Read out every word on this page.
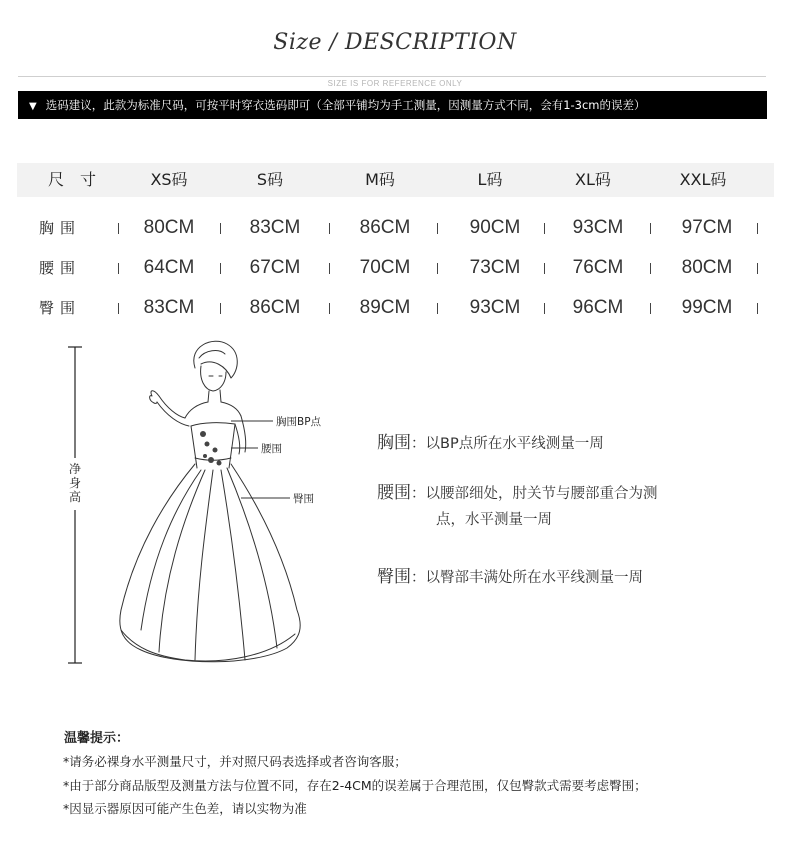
Size / DESCRIPTION
SIZE IS FOR REFERENCE ONLY
▼ 选码建议，此款为标准尺码，可按平时穿衣选码即可（全部平铺均为手工测量，因测量方式不同，会有1-3cm的误差）
尺寸	XS码	S码	M码	L码	XL码	XXL码
胸围	80CM	83CM	86CM	90CM	93CM	97CM
腰围	64CM	67CM	70CM	73CM	76CM	80CM
臀围	83CM	86CM	89CM	93CM	96CM	99CM
净
身
高
胸围BP点
腰围
臀围
胸围：以BP点所在水平线测量一周
腰围：以腰部细处，肘关节与腰部重合为测
点，水平测量一周
臀围：以臀部丰满处所在水平线测量一周
温馨提示：
*请务必裸身水平测量尺寸，并对照尺码表选择或者咨询客服；
*由于部分商品版型及测量方法与位置不同，存在2-4CM的误差属于合理范围，仅包臀款式需要考虑臀围；
*因显示器原因可能产生色差，请以实物为准
